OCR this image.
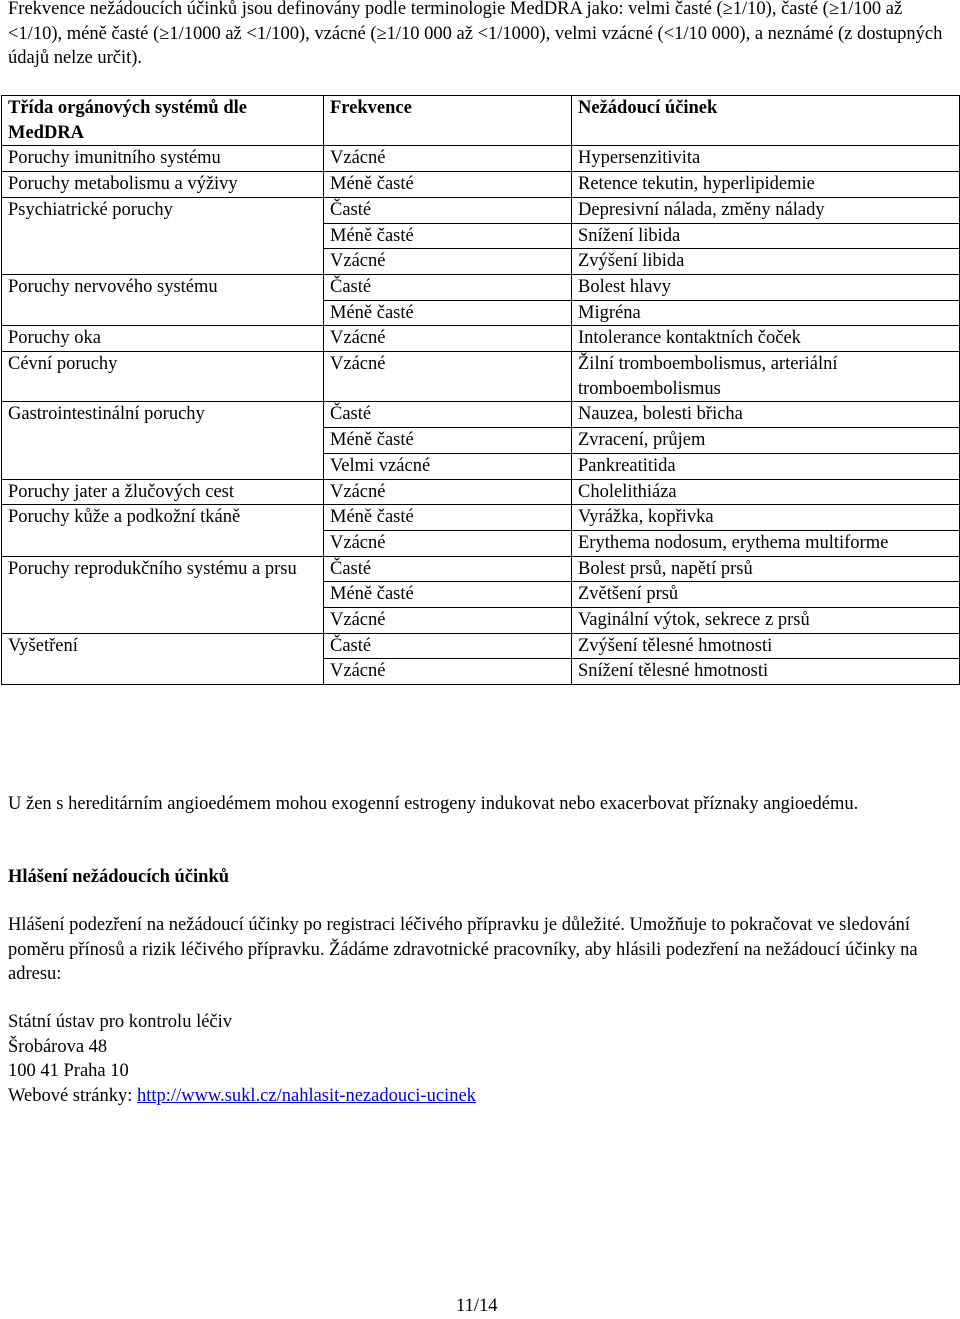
Frekvence nežádoucích účinků jsou definovány podle terminologie MedDRA jako: velmi časté (≥1/10), časté (≥1/100 až <1/10), méně časté (≥1/1000 až <1/100), vzácné (≥1/10 000 až <1/1000), velmi vzácné (<1/10 000), a neznámé (z dostupných údajů nelze určit).

Třída orgánových systémů dle MedDRA	Frekvence	Nežádoucí účinek
Poruchy imunitního systému	Vzácné	Hypersenzitivita
Poruchy metabolismu a výživy	Méně časté	Retence tekutin, hyperlipidemie
Psychiatrické poruchy	Časté	Depresivní nálada, změny nálady
	Méně časté	Snížení libida
	Vzácné	Zvýšení libida
Poruchy nervového systému	Časté	Bolest hlavy
	Méně časté	Migréna
Poruchy oka	Vzácné	Intolerance kontaktních čoček
Cévní poruchy	Vzácné	Žilní tromboembolismus, arteriální tromboembolismus
Gastrointestinální poruchy	Časté	Nauzea, bolesti břicha
	Méně časté	Zvracení, průjem
	Velmi vzácné	Pankreatitida
Poruchy jater a žlučových cest	Vzácné	Cholelithiáza
Poruchy kůže a podkožní tkáně	Méně časté	Vyrážka, kopřivka
	Vzácné	Erythema nodosum, erythema multiforme
Poruchy reprodukčního systému a prsu	Časté	Bolest prsů, napětí prsů
	Méně časté	Zvětšení prsů
	Vzácné	Vaginální výtok, sekrece z prsů
Vyšetření	Časté	Zvýšení tělesné hmotnosti
	Vzácné	Snížení tělesné hmotnosti

U žen s hereditárním angioedémem mohou exogenní estrogeny indukovat nebo exacerbovat příznaky angioedému.

Hlášení nežádoucích účinků

Hlášení podezření na nežádoucí účinky po registraci léčivého přípravku je důležité. Umožňuje to pokračovat ve sledování poměru přínosů a rizik léčivého přípravku. Žádáme zdravotnické pracovníky, aby hlásili podezření na nežádoucí účinky na adresu:

Státní ústav pro kontrolu léčiv
Šrobárova 48
100 41 Praha 10
Webové stránky: http://www.sukl.cz/nahlasit-nezadouci-ucinek
11/14
